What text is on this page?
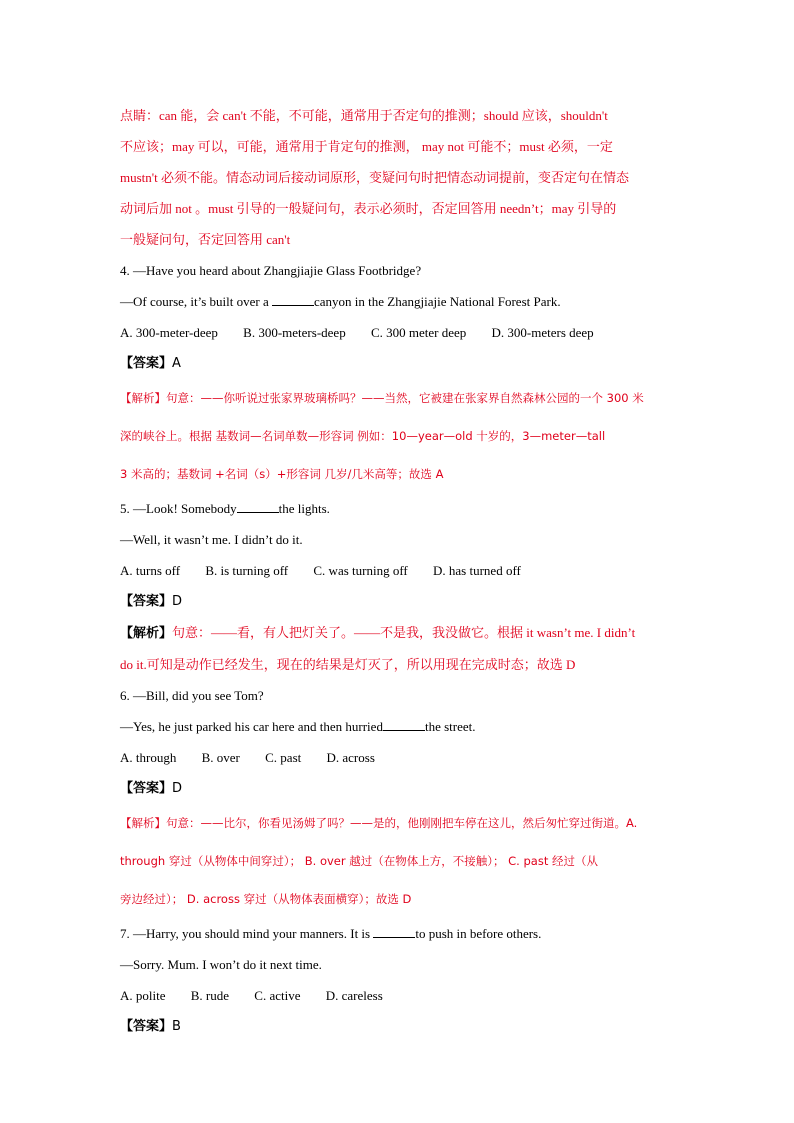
点睛：can 能，会 can't 不能，不可能，通常用于否定句的推测；should 应该，shouldn't
不应该；may 可以，可能，通常用于肯定句的推测， may not 可能不；must 必须，一定
mustn't 必须不能。情态动词后接动词原形，变疑问句时把情态动词提前，变否定句在情态
动词后加 not 。must 引导的一般疑问句，表示必须时，否定回答用 needn’t；may 引导的
一般疑问句，否定回答用 can't
4. —Have you heard about Zhangjiajie Glass Footbridge?
—Of course, it’s built over a	canyon in the Zhangjiajie National Forest Park.
A. 300-meter-deep B. 300-meters-deep C. 300 meter deep D. 300-meters deep
【答案】A
【解析】句意：——你听说过张家界玻璃桥吗？——当然，它被建在张家界自然森林公园的一个 300 米
深的峡谷上。根据 基数词—名词单数—形容词 例如：10—year—old 十岁的，3—meter—tall
3 米高的；基数词 +名词（s）+形容词 几岁/几米高等；故选 A
5. —Look! Somebody	the lights.
—Well, it wasn’t me. I didn’t do it.
A. turns off B. is turning off C. was turning off D. has turned off
【答案】D
【解析】句意：——看，有人把灯关了。——不是我，我没做它。根据 it wasn’t me. I didn’t
do it.可知是动作已经发生，现在的结果是灯灭了，所以用现在完成时态；故选 D
6. —Bill, did you see Tom?
—Yes, he just parked his car here and then hurried	the street.
A. through B. over C. past D. across
【答案】D
【解析】句意：——比尔，你看见汤姆了吗？——是的，他刚刚把车停在这儿，然后匆忙穿过街道。A.
through 穿过（从物体中间穿过）； B. over 越过（在物体上方，不接触）； C. past 经过（从
旁边经过）； D. across 穿过（从物体表面横穿）；故选 D
7. —Harry, you should mind your manners. It is	to push in before others.
—Sorry. Mum. I won’t do it next time.
A. polite B. rude C. active D. careless
【答案】B
